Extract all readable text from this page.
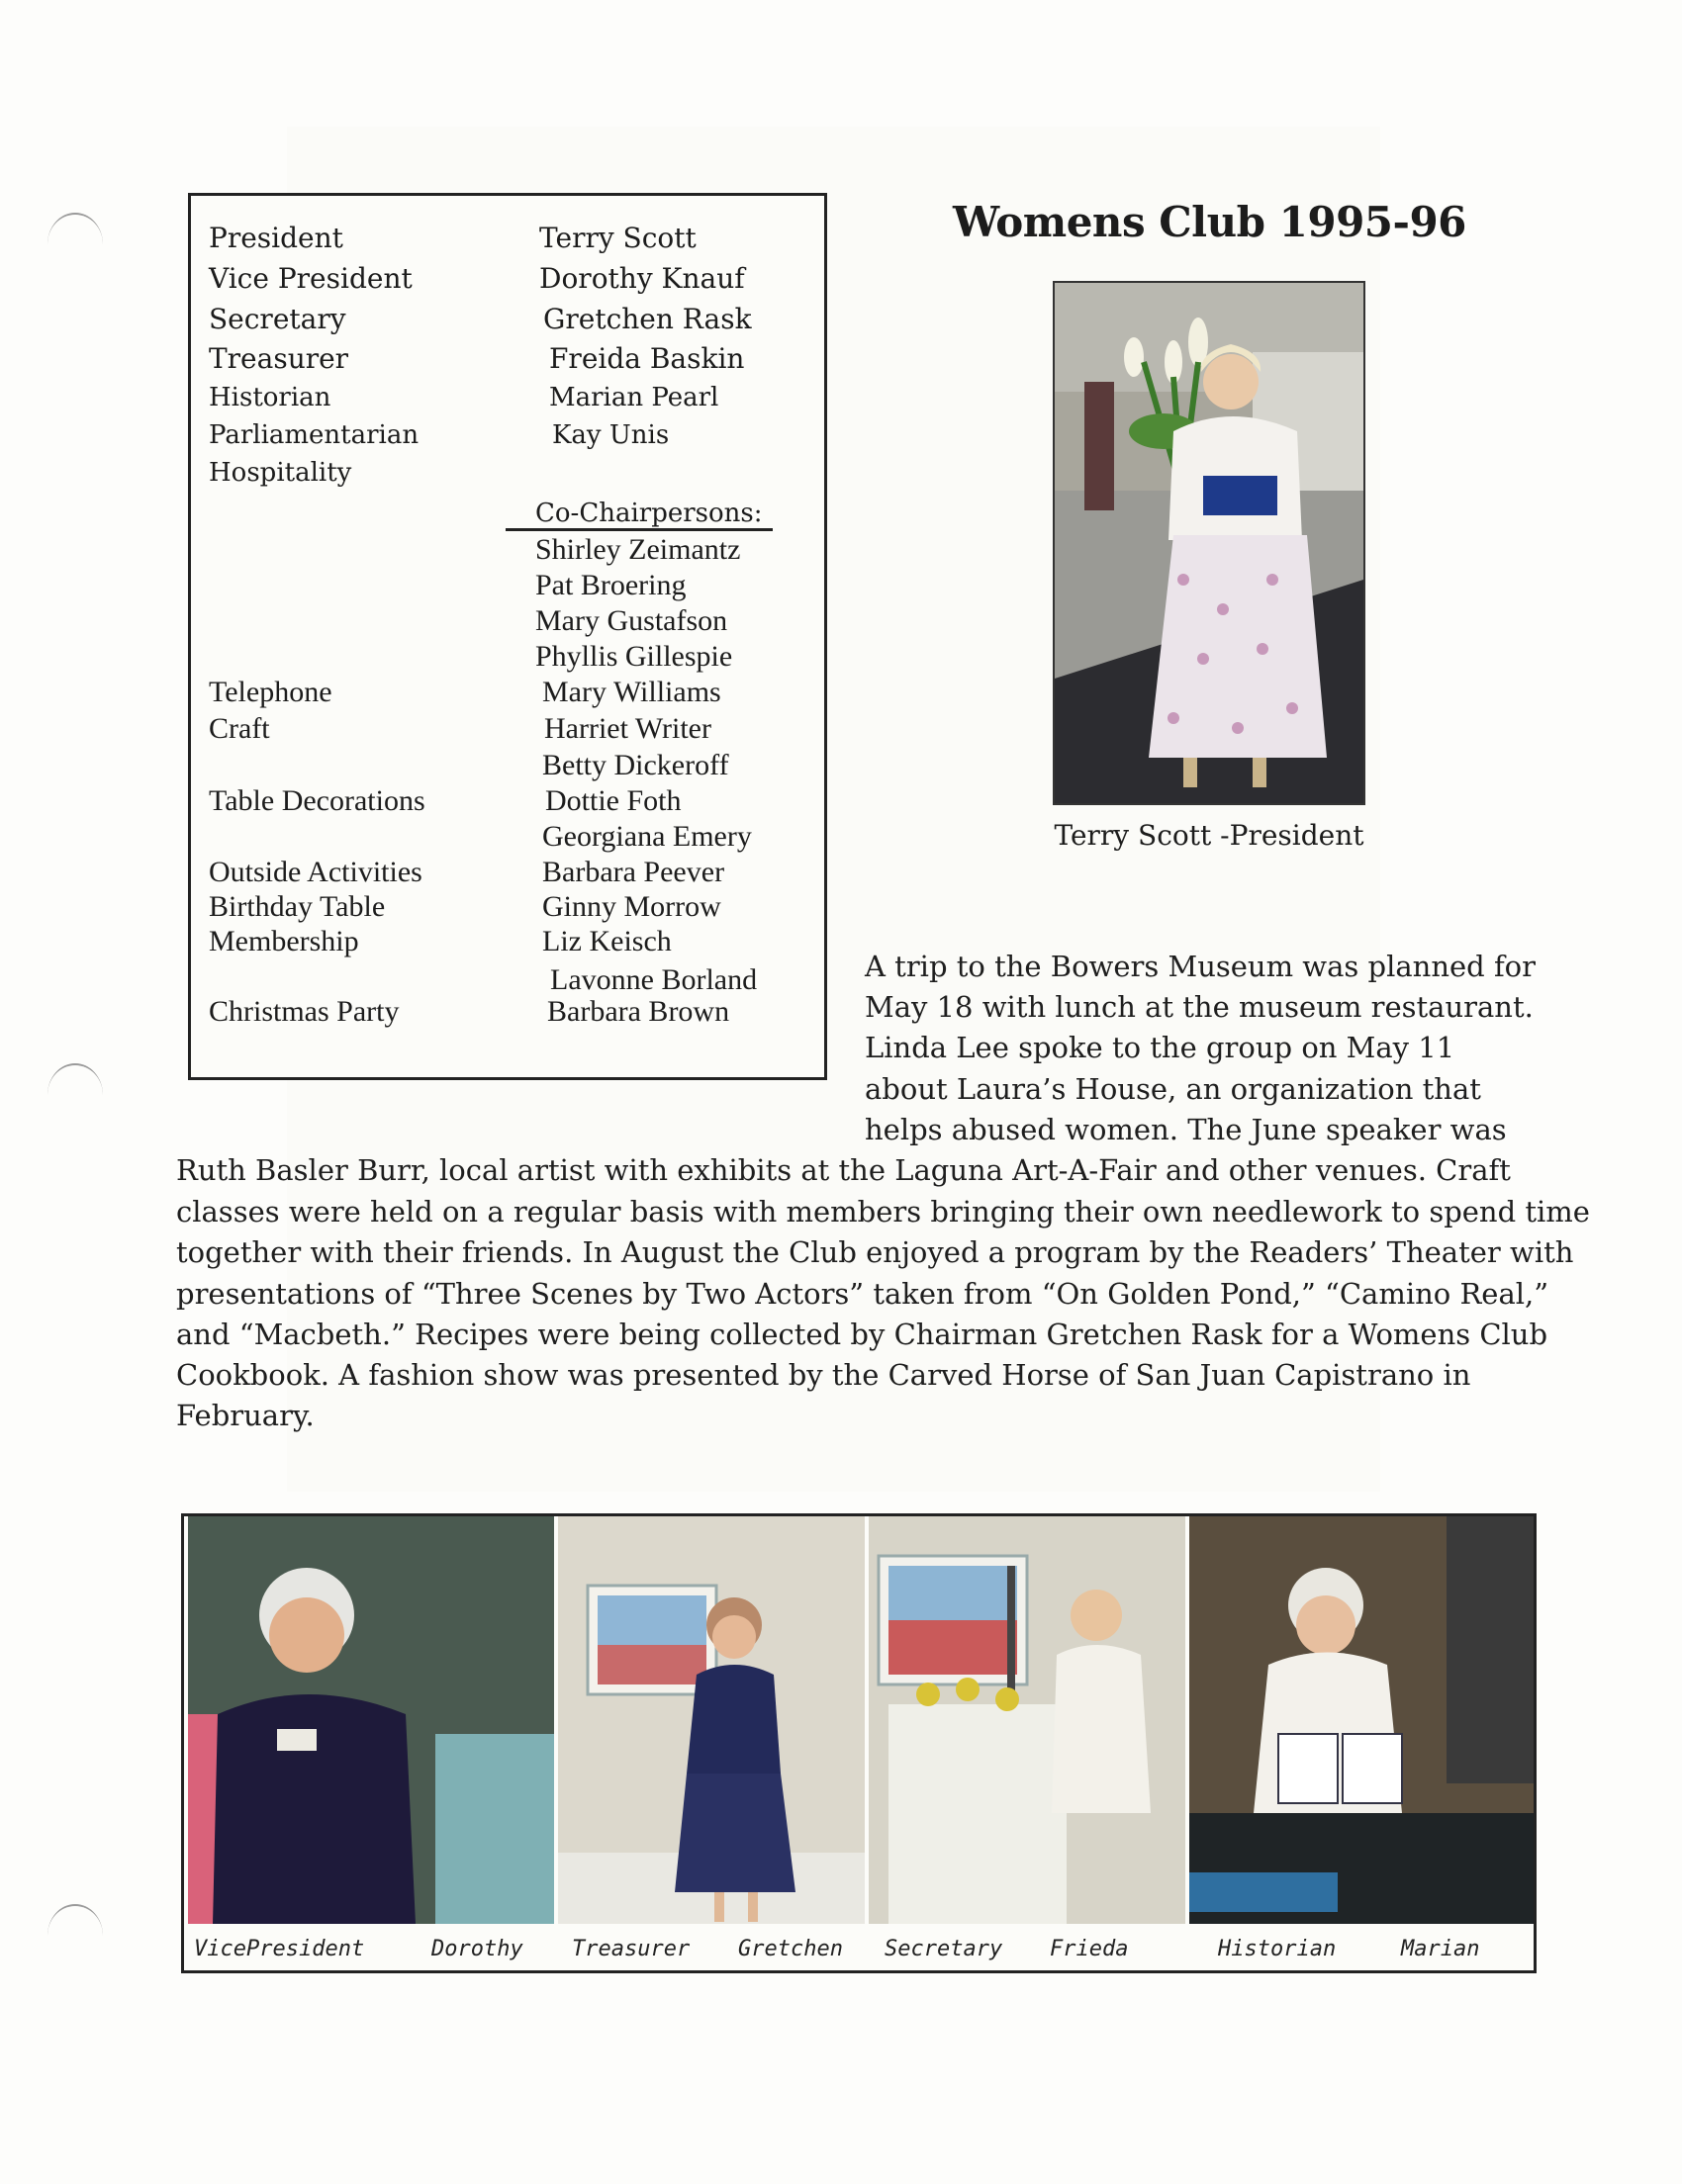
President	Terry Scott
Vice President	Dorothy Knauf
Secretary	Gretchen Rask
Treasurer	Freida Baskin
Historian	Marian Pearl
Parliamentarian	Kay Unis
Hospitality
Co-Chairpersons:
Shirley Zeimantz
Pat Broering
Mary Gustafson
Phyllis Gillespie
Telephone	Mary Williams
Craft	Harriet Writer
Betty Dickeroff
Table Decorations	Dottie Foth
Georgiana Emery
Outside Activities	Barbara Peever
Birthday Table	Ginny Morrow
Membership	Liz Keisch
Lavonne Borland
Christmas Party	Barbara Brown
Womens Club 1995-96
Terry Scott -President
A trip to the Bowers Museum was planned for
May 18 with lunch at the museum restaurant.
Linda Lee spoke to the group on May 11
about Laura’s House, an organization that
helps abused women. The June speaker was
Ruth Basler Burr, local artist with exhibits at the Laguna Art-A-Fair and other venues. Craft
classes were held on a regular basis with members bringing their own needlework to spend time
together with their friends. In August the Club enjoyed a program by the Readers’ Theater with
presentations of “Three Scenes by Two Actors” taken from “On Golden Pond,” “Camino Real,”
and “Macbeth.” Recipes were being collected by Chairman Gretchen Rask for a Womens Club
Cookbook. A fashion show was presented by the Carved Horse of San Juan Capistrano in
February.
VicePresident	Dorothy Treasurer Gretchen Secretary Frieda	Historian	Marian
